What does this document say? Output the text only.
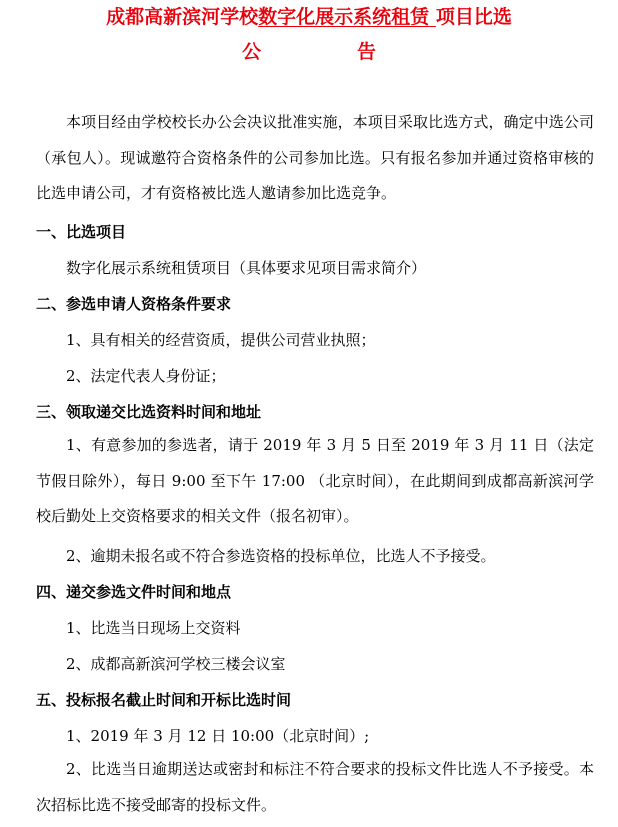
成都高新滨河学校数字化展示系统租赁 项目比选
公	告

本项目经由学校校长办公会决议批准实施，本项目采取比选方式，确定中选公司（承包人）。现诚邀符合资格条件的公司参加比选。只有报名参加并通过资格审核的比选申请公司，才有资格被比选人邀请参加比选竞争。

一、比选项目
数字化展示系统租赁项目（具体要求见项目需求简介）
二、参选申请人资格条件要求
1、具有相关的经营资质，提供公司营业执照；
2、法定代表人身份证；
三、领取递交比选资料时间和地址

1、有意参加的参选者，请于 2019 年 3 月 5 日至 2019 年 3 月 11 日（法定节假日除外），每日 9:00 至下午 17:00 （北京时间），在此期间到成都高新滨河学校后勤处上交资格要求的相关文件（报名初审）。

2、逾期未报名或不符合参选资格的投标单位，比选人不予接受。
四、递交参选文件时间和地点
1、比选当日现场上交资料
2、成都高新滨河学校三楼会议室
五、投标报名截止时间和开标比选时间
1、2019 年 3 月 12 日 10:00（北京时间）;

2、比选当日逾期送达或密封和标注不符合要求的投标文件比选人不予接受。本次招标比选不接受邮寄的投标文件。
